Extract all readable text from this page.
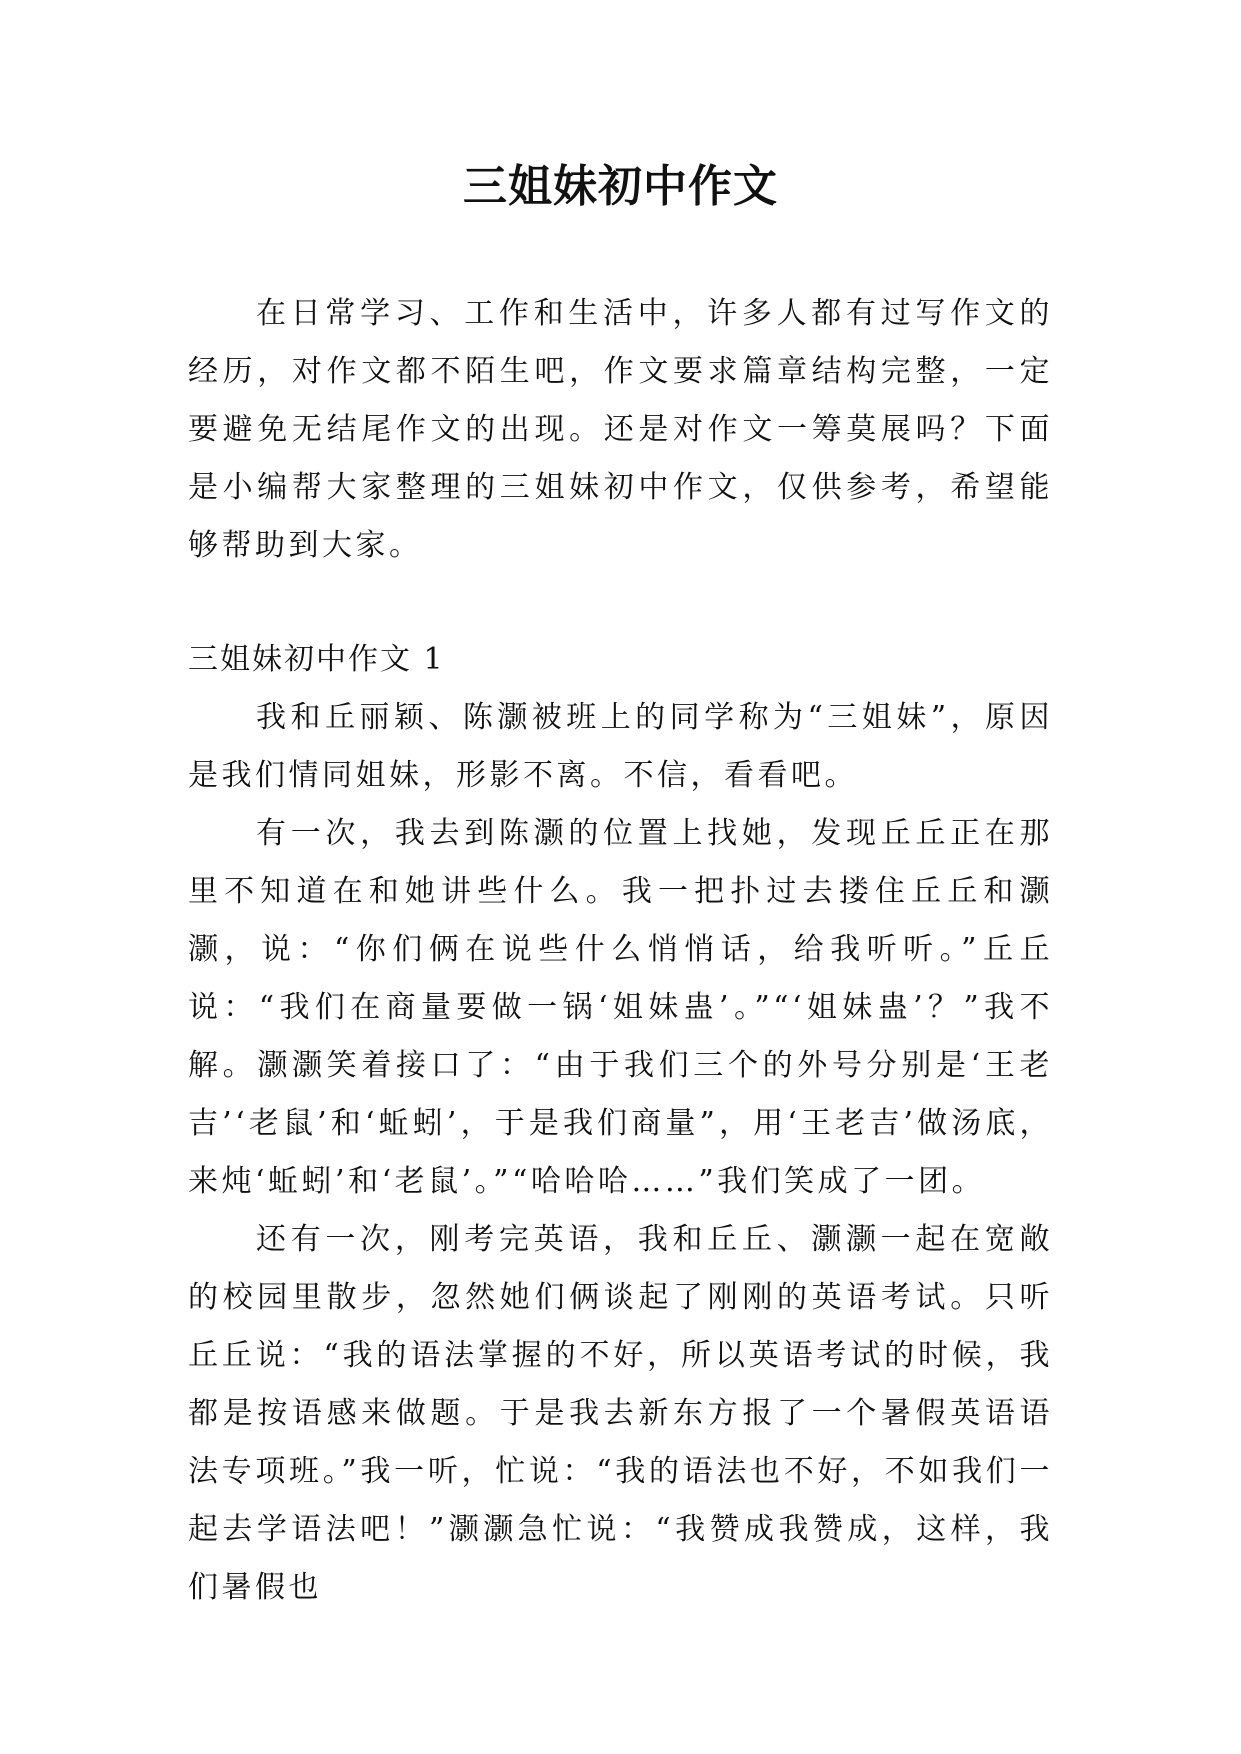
三姐妹初中作文

在日常学习、工作和生活中，许多人都有过写作文的经历，对作文都不陌生吧，作文要求篇章结构完整，一定要避免无结尾作文的出现。还是对作文一筹莫展吗？下面是小编帮大家整理的三姐妹初中作文，仅供参考，希望能够帮助到大家。

三姐妹初中作文 1

我和丘丽颖、陈灏被班上的同学称为“三姐妹”，原因是我们情同姐妹，形影不离。不信，看看吧。

有一次，我去到陈灏的位置上找她，发现丘丘正在那里不知道在和她讲些什么。我一把扑过去搂住丘丘和灏灏，说：“你们俩在说些什么悄悄话，给我听听。”丘丘说：“我们在商量要做一锅‘姐妹蛊’。”“‘姐妹蛊’？”我不解。灏灏笑着接口了：“由于我们三个的外号分别是‘王老吉’‘老鼠’和‘蚯蚓’，于是我们商量”，用‘王老吉’做汤底，来炖‘蚯蚓’和‘老鼠’。”“哈哈哈……”我们笑成了一团。

还有一次，刚考完英语，我和丘丘、灏灏一起在宽敞的校园里散步，忽然她们俩谈起了刚刚的英语考试。只听丘丘说：“我的语法掌握的不好，所以英语考试的时候，我都是按语感来做题。于是我去新东方报了一个暑假英语语法专项班。”我一听，忙说：“我的语法也不好，不如我们一起去学语法吧！”灏灏急忙说：“我赞成我赞成，这样，我们暑假也
